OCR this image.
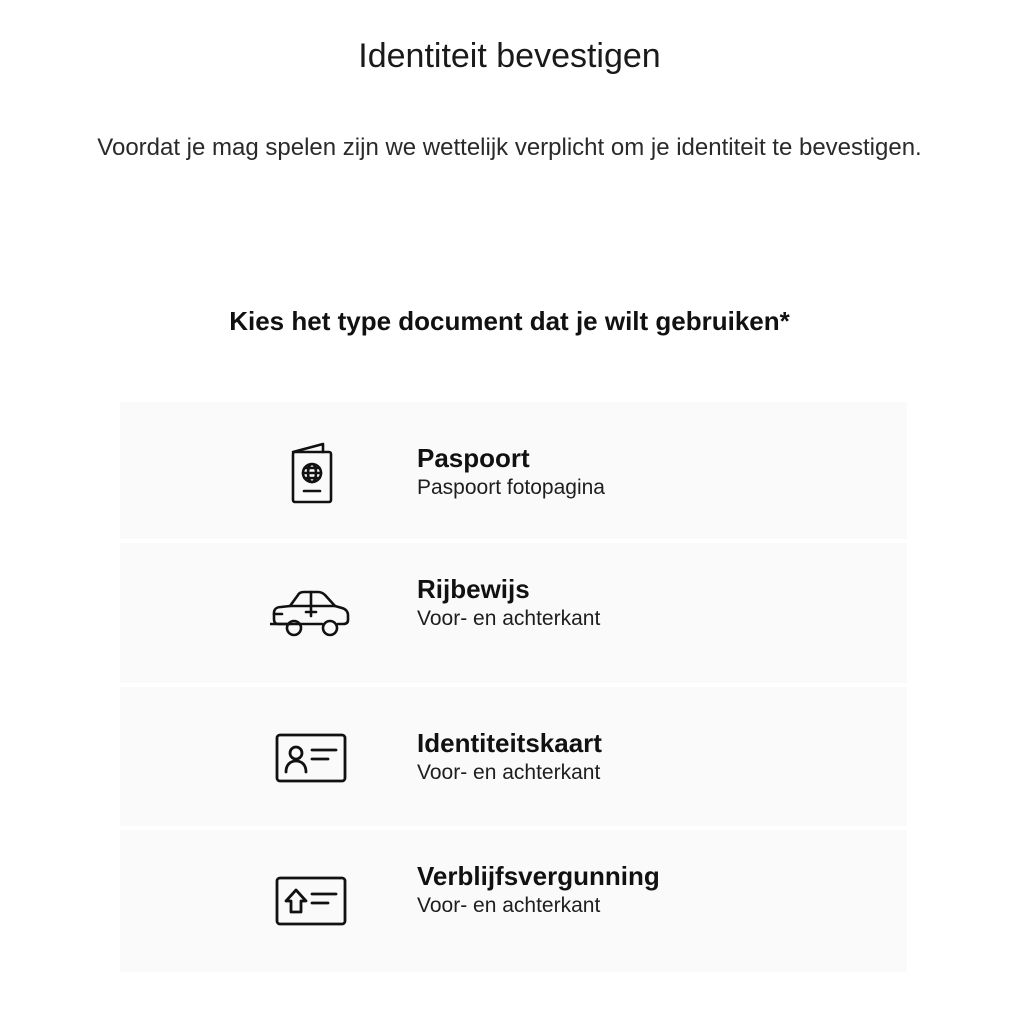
Identiteit bevestigen

Voordat je mag spelen zijn we wettelijk verplicht om je identiteit te bevestigen.

Kies het type document dat je wilt gebruiken*
Paspoort
Paspoort fotopagina
Rijbewijs
Voor- en achterkant
Identiteitskaart
Voor- en achterkant
Verblijfsvergunning
Voor- en achterkant
